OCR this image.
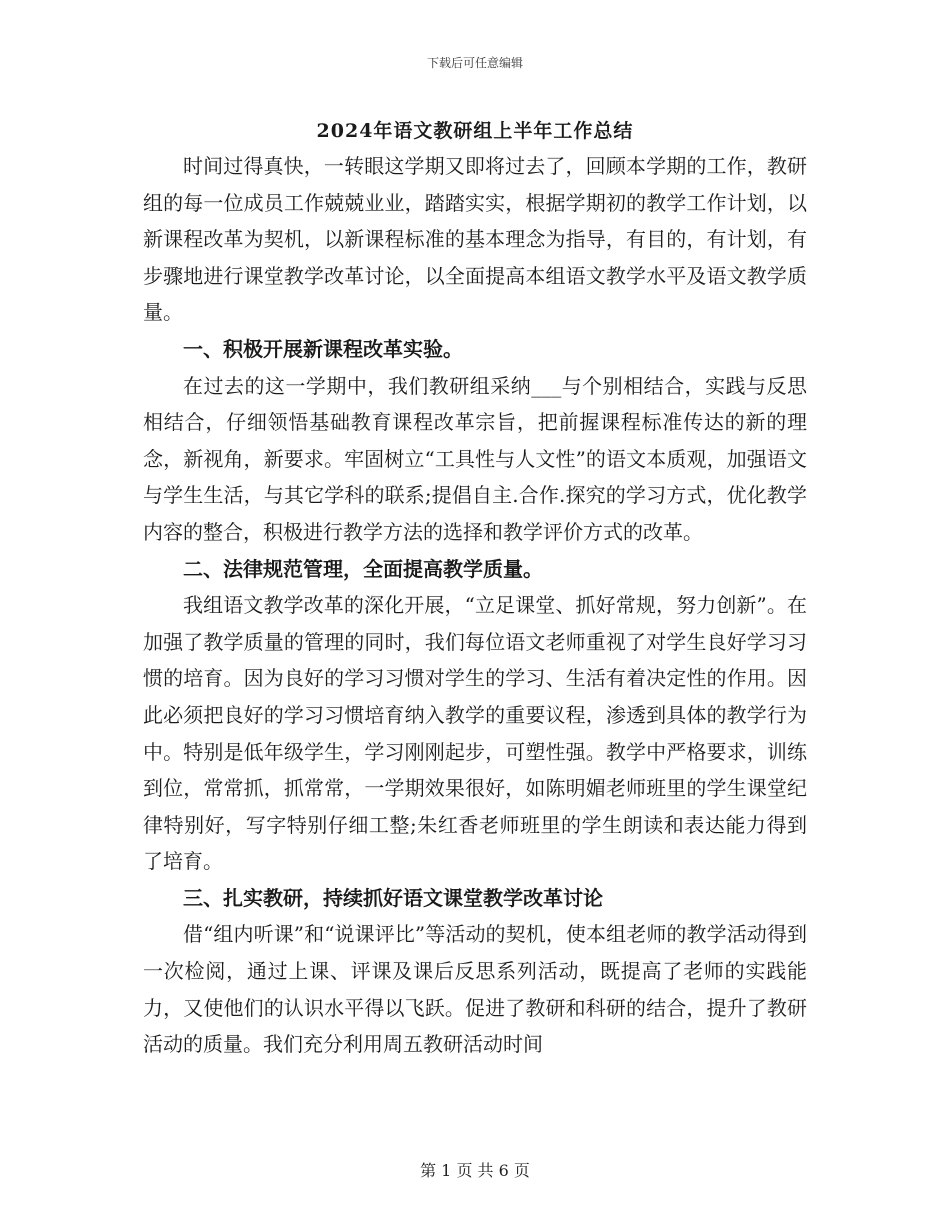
下载后可任意编辑
2024年语文教研组上半年工作总结

时间过得真快，一转眼这学期又即将过去了，回顾本学期的工作，教研组的每一位成员工作兢兢业业，踏踏实实，根据学期初的教学工作计划，以新课程改革为契机，以新课程标准的基本理念为指导，有目的，有计划，有步骤地进行课堂教学改革讨论，以全面提高本组语文教学水平及语文教学质量。

一、积极开展新课程改革实验。

在过去的这一学期中，我们教研组采纳___与个别相结合，实践与反思相结合，仔细领悟基础教育课程改革宗旨，把前握课程标准传达的新的理念，新视角，新要求。牢固树立“工具性与人文性”的语文本质观，加强语文与学生生活，与其它学科的联系;提倡自主.合作.探究的学习方式，优化教学内容的整合，积极进行教学方法的选择和教学评价方式的改革。

二、法律规范管理，全面提高教学质量。

我组语文教学改革的深化开展，“立足课堂、抓好常规，努力创新”。在加强了教学质量的管理的同时，我们每位语文老师重视了对学生良好学习习惯的培育。因为良好的学习习惯对学生的学习、生活有着决定性的作用。因此必须把良好的学习习惯培育纳入教学的重要议程，渗透到具体的教学行为中。特别是低年级学生，学习刚刚起步，可塑性强。教学中严格要求，训练到位，常常抓，抓常常，一学期效果很好，如陈明媚老师班里的学生课堂纪律特别好，写字特别仔细工整;朱红香老师班里的学生朗读和表达能力得到了培育。

三、扎实教研，持续抓好语文课堂教学改革讨论

借“组内听课”和“说课评比”等活动的契机，使本组老师的教学活动得到一次检阅，通过上课、评课及课后反思系列活动，既提高了老师的实践能力，又使他们的认识水平得以飞跃。促进了教研和科研的结合，提升了教研活动的质量。我们充分利用周五教研活动时间

第 1 页 共 6 页
